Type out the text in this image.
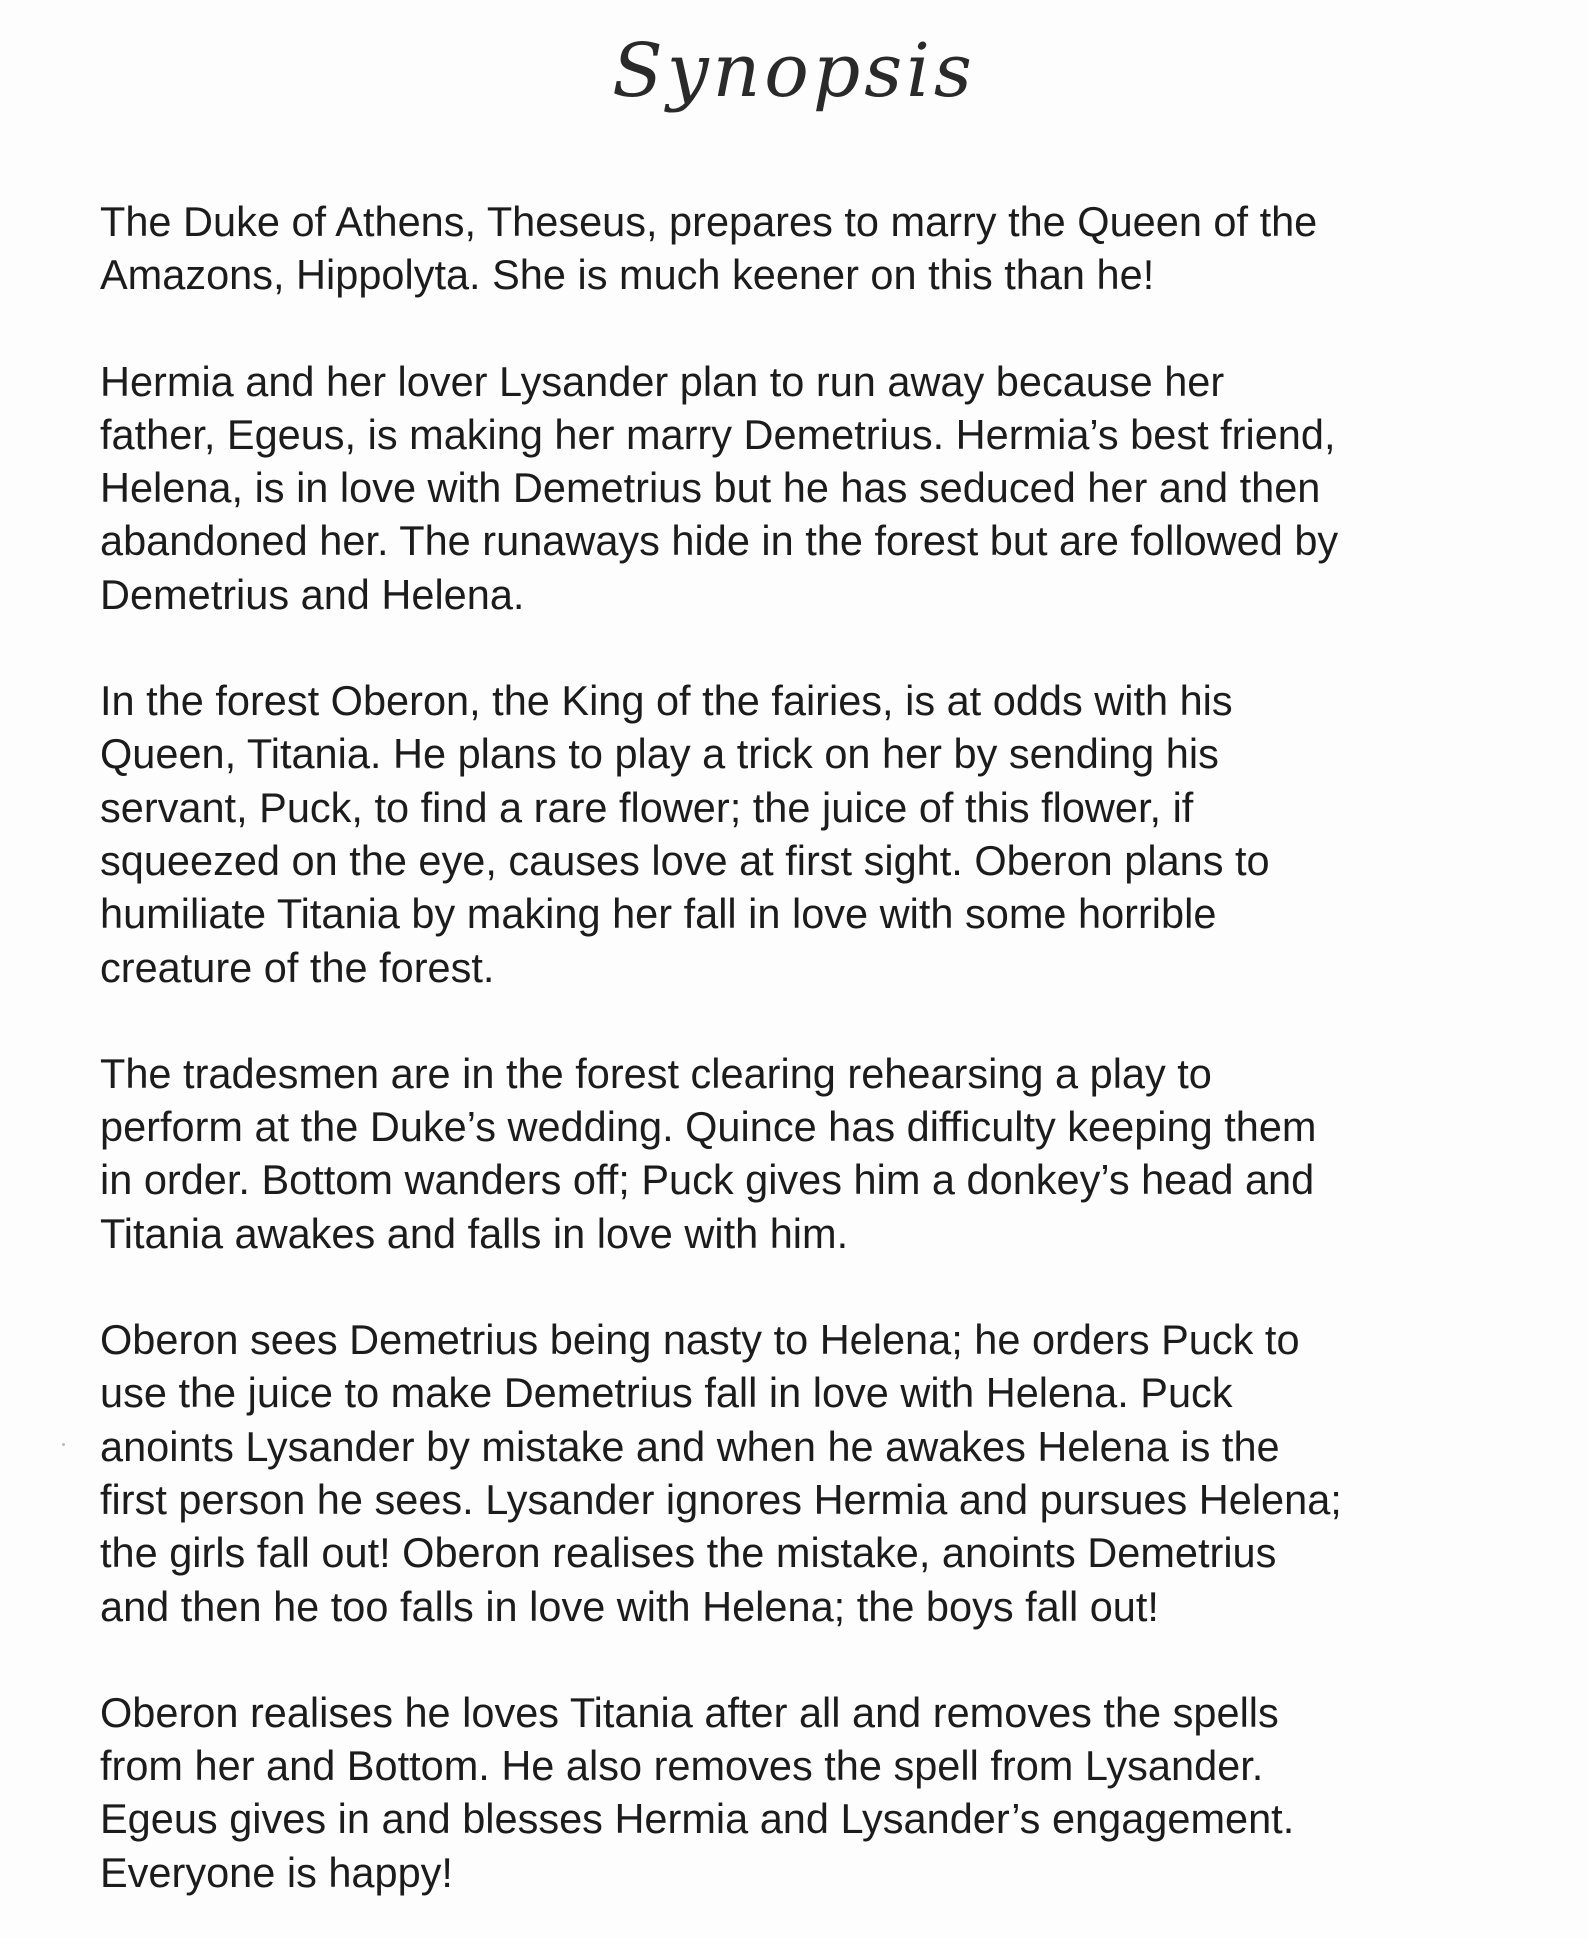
Synopsis

The Duke of Athens, Theseus, prepares to marry the Queen of the
Amazons, Hippolyta. She is much keener on this than he!

Hermia and her lover Lysander plan to run away because her
father, Egeus, is making her marry Demetrius. Hermia’s best friend,
Helena, is in love with Demetrius but he has seduced her and then
abandoned her. The runaways hide in the forest but are followed by
Demetrius and Helena.

In the forest Oberon, the King of the fairies, is at odds with his
Queen, Titania. He plans to play a trick on her by sending his
servant, Puck, to find a rare flower; the juice of this flower, if
squeezed on the eye, causes love at first sight. Oberon plans to
humiliate Titania by making her fall in love with some horrible
creature of the forest.

The tradesmen are in the forest clearing rehearsing a play to
perform at the Duke’s wedding. Quince has difficulty keeping them
in order. Bottom wanders off; Puck gives him a donkey’s head and
Titania awakes and falls in love with him.

Oberon sees Demetrius being nasty to Helena; he orders Puck to
use the juice to make Demetrius fall in love with Helena. Puck
anoints Lysander by mistake and when he awakes Helena is the
first person he sees. Lysander ignores Hermia and pursues Helena;
the girls fall out! Oberon realises the mistake, anoints Demetrius
and then he too falls in love with Helena; the boys fall out!

Oberon realises he loves Titania after all and removes the spells
from her and Bottom. He also removes the spell from Lysander.
Egeus gives in and blesses Hermia and Lysander’s engagement.
Everyone is happy!
